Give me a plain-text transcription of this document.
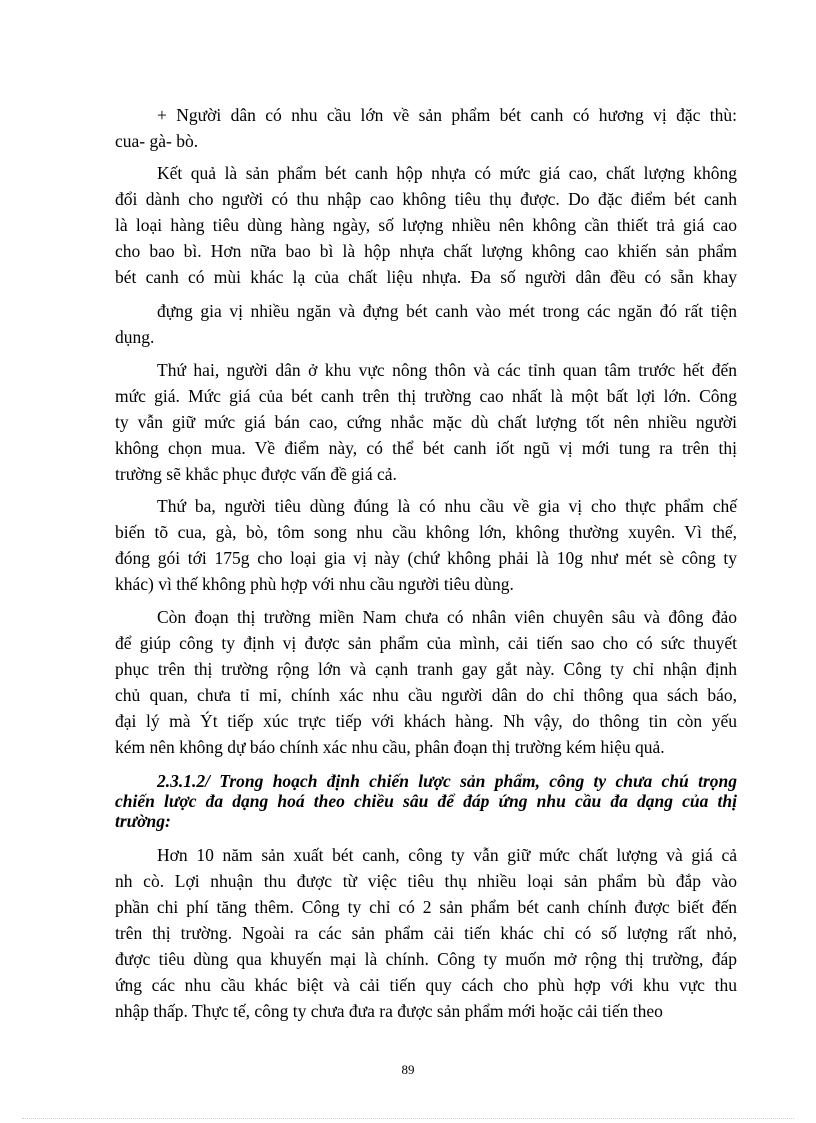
+ Người dân có nhu cầu lớn về sản phẩm bét canh có hương vị đặc thù:
cua- gà- bò.
Kết quả là sản phẩm bét canh hộp nhựa có mức giá cao, chất lượng không
đổi dành cho người có thu nhập cao không tiêu thụ được. Do đặc điểm bét canh
là loại hàng tiêu dùng hàng ngày, số lượng nhiều nên không cần thiết trả giá cao
cho bao bì. Hơn nữa bao bì là hộp nhựa chất lượng không cao khiến sản phẩm
bét canh có mùi khác lạ của chất liệu nhựa. Đa số người dân đều có sẵn khay
đựng gia vị nhiều ngăn và đựng bét canh vào mét trong các ngăn đó rất tiện
dụng.
Thứ hai, người dân ở khu vực nông thôn và các tỉnh quan tâm trước hết đến
mức giá. Mức giá của bét canh trên thị trường cao nhất là một bất lợi lớn. Công
ty vẫn giữ mức giá bán cao, cứng nhắc mặc dù chất lượng tốt nên nhiều người
không chọn mua. Về điểm này, có thể bét canh iốt ngũ vị mới tung ra trên thị
trường sẽ khắc phục được vấn đề giá cả.
Thứ ba, người tiêu dùng đúng là có nhu cầu về gia vị cho thực phẩm chế
biến tõ cua, gà, bò, tôm song nhu cầu không lớn, không thường xuyên. Vì thế,
đóng gói tới 175g cho loại gia vị này (chứ không phải là 10g như mét sè công ty
khác) vì thế không phù hợp với nhu cầu người tiêu dùng.
Còn đoạn thị trường miền Nam chưa có nhân viên chuyên sâu và đông đảo
để giúp công ty định vị được sản phẩm của mình, cải tiến sao cho có sức thuyết
phục trên thị trường rộng lớn và cạnh tranh gay gắt này. Công ty chỉ nhận định
chủ quan, chưa tỉ mỉ, chính xác nhu cầu người dân do chỉ thông qua sách báo,
đại lý mà Ýt tiếp xúc trực tiếp với khách hàng. Nh vậy, do thông tin còn yếu
kém nên không dự báo chính xác nhu cầu, phân đoạn thị trường kém hiệu quả.
2.3.1.2/ Trong hoạch định chiến lược sản phẩm, công ty chưa chú trọng
chiến lược đa dạng hoá theo chiều sâu để đáp ứng nhu cầu đa dạng của thị
trường:
Hơn 10 năm sản xuất bét canh, công ty vẫn giữ mức chất lượng và giá cả
nh cò. Lợi nhuận thu được từ việc tiêu thụ nhiều loại sản phẩm bù đắp vào
phần chi phí tăng thêm. Công ty chỉ có 2 sản phẩm bét canh chính được biết đến
trên thị trường. Ngoài ra các sản phẩm cải tiến khác chỉ có số lượng rất nhỏ,
được tiêu dùng qua khuyến mại là chính. Công ty muốn mở rộng thị trường, đáp
ứng các nhu cầu khác biệt và cải tiến quy cách cho phù hợp với khu vực thu
nhập thấp. Thực tế, công ty chưa đưa ra được sản phẩm mới hoặc cải tiến theo
89
